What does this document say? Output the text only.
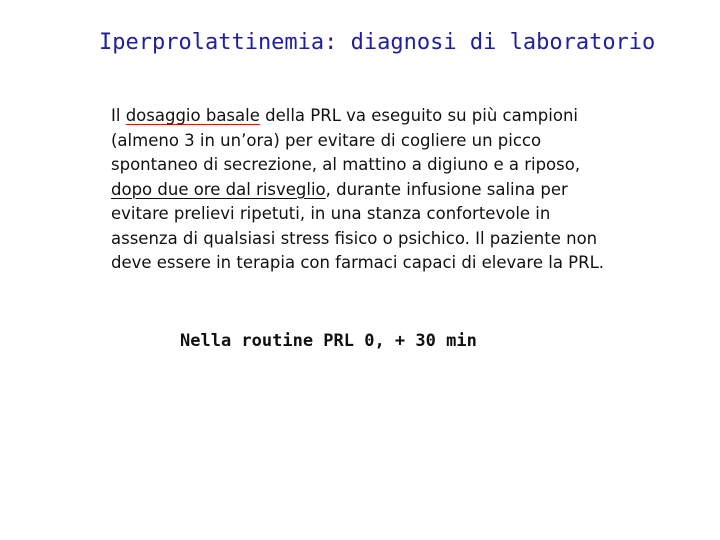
Iperprolattinemia: diagnosi di laboratorio
Il dosaggio basale della PRL va eseguito su più campioni
(almeno 3 in un’ora) per evitare di cogliere un picco
spontaneo di secrezione, al mattino a digiuno e a riposo,
dopo due ore dal risveglio, durante infusione salina per
evitare prelievi ripetuti, in una stanza confortevole in
assenza di qualsiasi stress fisico o psichico. Il paziente non
deve essere in terapia con farmaci capaci di elevare la PRL.
Nella routine PRL 0, + 30 min
